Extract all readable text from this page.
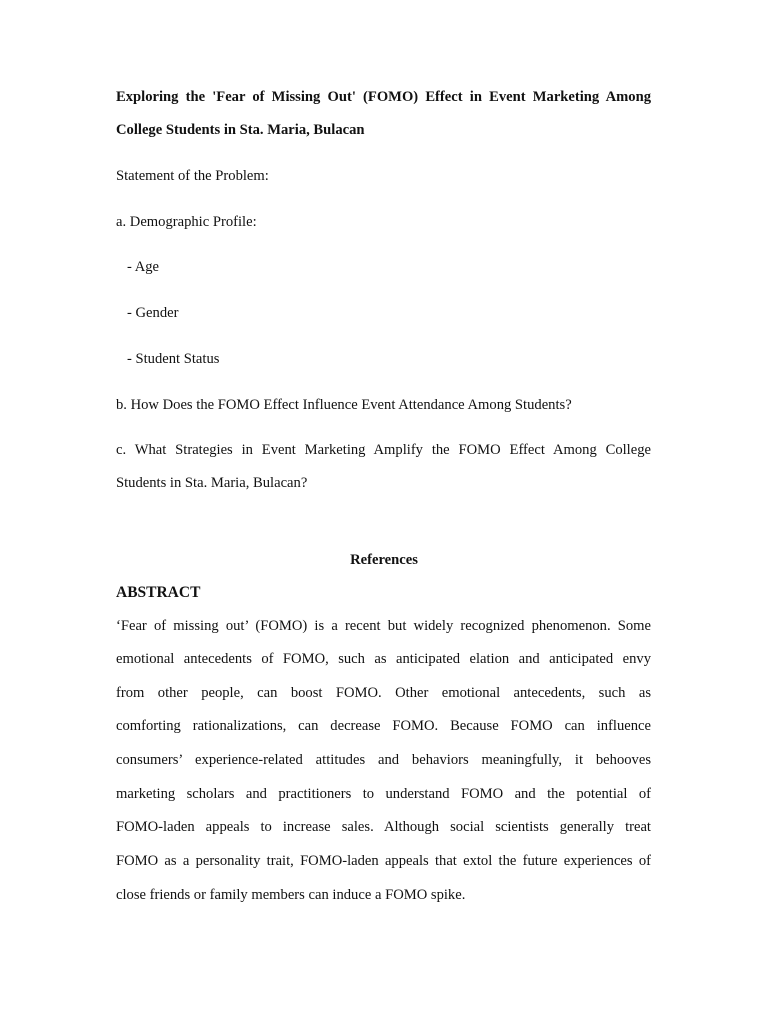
Exploring the 'Fear of Missing Out' (FOMO) Effect in Event Marketing Among

College Students in Sta. Maria, Bulacan

Statement of the Problem:

a. Demographic Profile:

- Age

- Gender

- Student Status

b. How Does the FOMO Effect Influence Event Attendance Among Students?

c. What Strategies in Event Marketing Amplify the FOMO Effect Among College

Students in Sta. Maria, Bulacan?

References

ABSTRACT

‘Fear of missing out’ (FOMO) is a recent but widely recognized phenomenon. Some

emotional antecedents of FOMO, such as anticipated elation and anticipated envy

from other people, can boost FOMO. Other emotional antecedents, such as

comforting rationalizations, can decrease FOMO. Because FOMO can influence

consumers’ experience-related attitudes and behaviors meaningfully, it behooves

marketing scholars and practitioners to understand FOMO and the potential of

FOMO-laden appeals to increase sales. Although social scientists generally treat

FOMO as a personality trait, FOMO-laden appeals that extol the future experiences of

close friends or family members can induce a FOMO spike.
